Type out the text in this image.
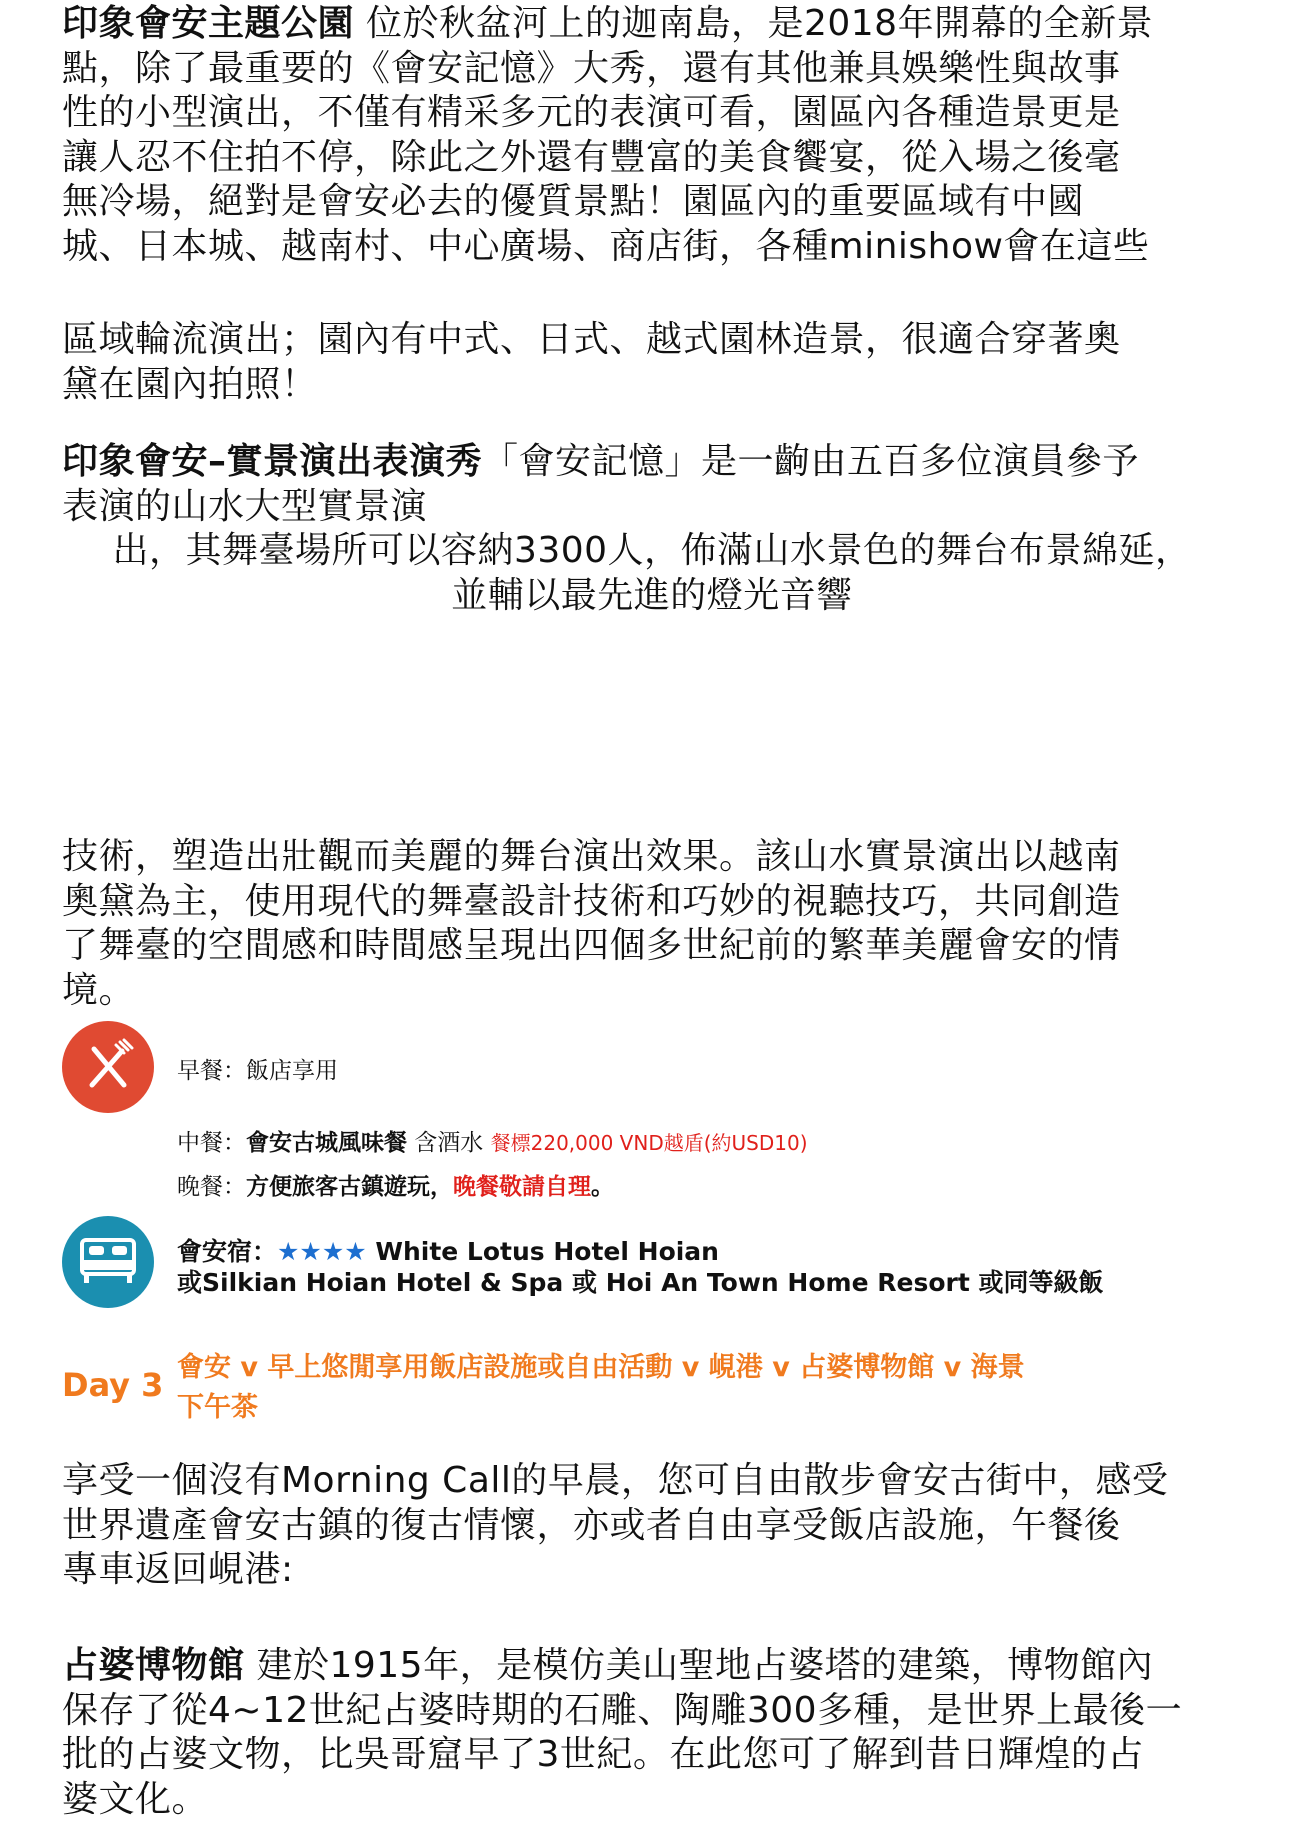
印象會安主題公園 位於秋盆河上的迦南島，是2018年開幕的全新景
點，除了最重要的《會安記憶》大秀，還有其他兼具娛樂性與故事
性的小型演出，不僅有精采多元的表演可看，園區內各種造景更是
讓人忍不住拍不停，除此之外還有豐富的美食饗宴，從入場之後毫
無冷場，絕對是會安必去的優質景點！園區內的重要區域有中國
城、日本城、越南村、中心廣場、商店街，各種minishow會在這些
區域輪流演出；園內有中式、日式、越式園林造景，很適合穿著奧
黛在園內拍照！
印象會安–實景演出表演秀「會安記憶」是一齣由五百多位演員參予
表演的山水大型實景演
出，其舞臺場所可以容納3300人，佈滿山水景色的舞台布景綿延，
並輔以最先進的燈光音響
技術，塑造出壯觀而美麗的舞台演出效果。該山水實景演出以越南
奧黛為主，使用現代的舞臺設計技術和巧妙的視聽技巧，共同創造
了舞臺的空間感和時間感呈現出四個多世紀前的繁華美麗會安的情
境。
早餐：飯店享用
中餐：會安古城風味餐 含酒水 餐標220,000 VND越盾(約USD10)
晚餐：方便旅客古鎮遊玩，晚餐敬請自理。
會安宿：★★★★ White Lotus Hotel Hoian
或Silkian Hoian Hotel & Spa 或 Hoi An Town Home Resort 或同等級飯
Day 3 會安 v 早上悠閒享用飯店設施或自由活動 v 峴港 v 占婆博物館 v 海景
下午茶
享受一個沒有Morning Call的早晨，您可自由散步會安古街中，感受
世界遺產會安古鎮的復古情懷，亦或者自由享受飯店設施，午餐後
專車返回峴港:
占婆博物館 建於1915年，是模仿美山聖地占婆塔的建築，博物館內
保存了從4~12世紀占婆時期的石雕、陶雕300多種，是世界上最後一
批的占婆文物，比吳哥窟早了3世紀。在此您可了解到昔日輝煌的占
婆文化。
